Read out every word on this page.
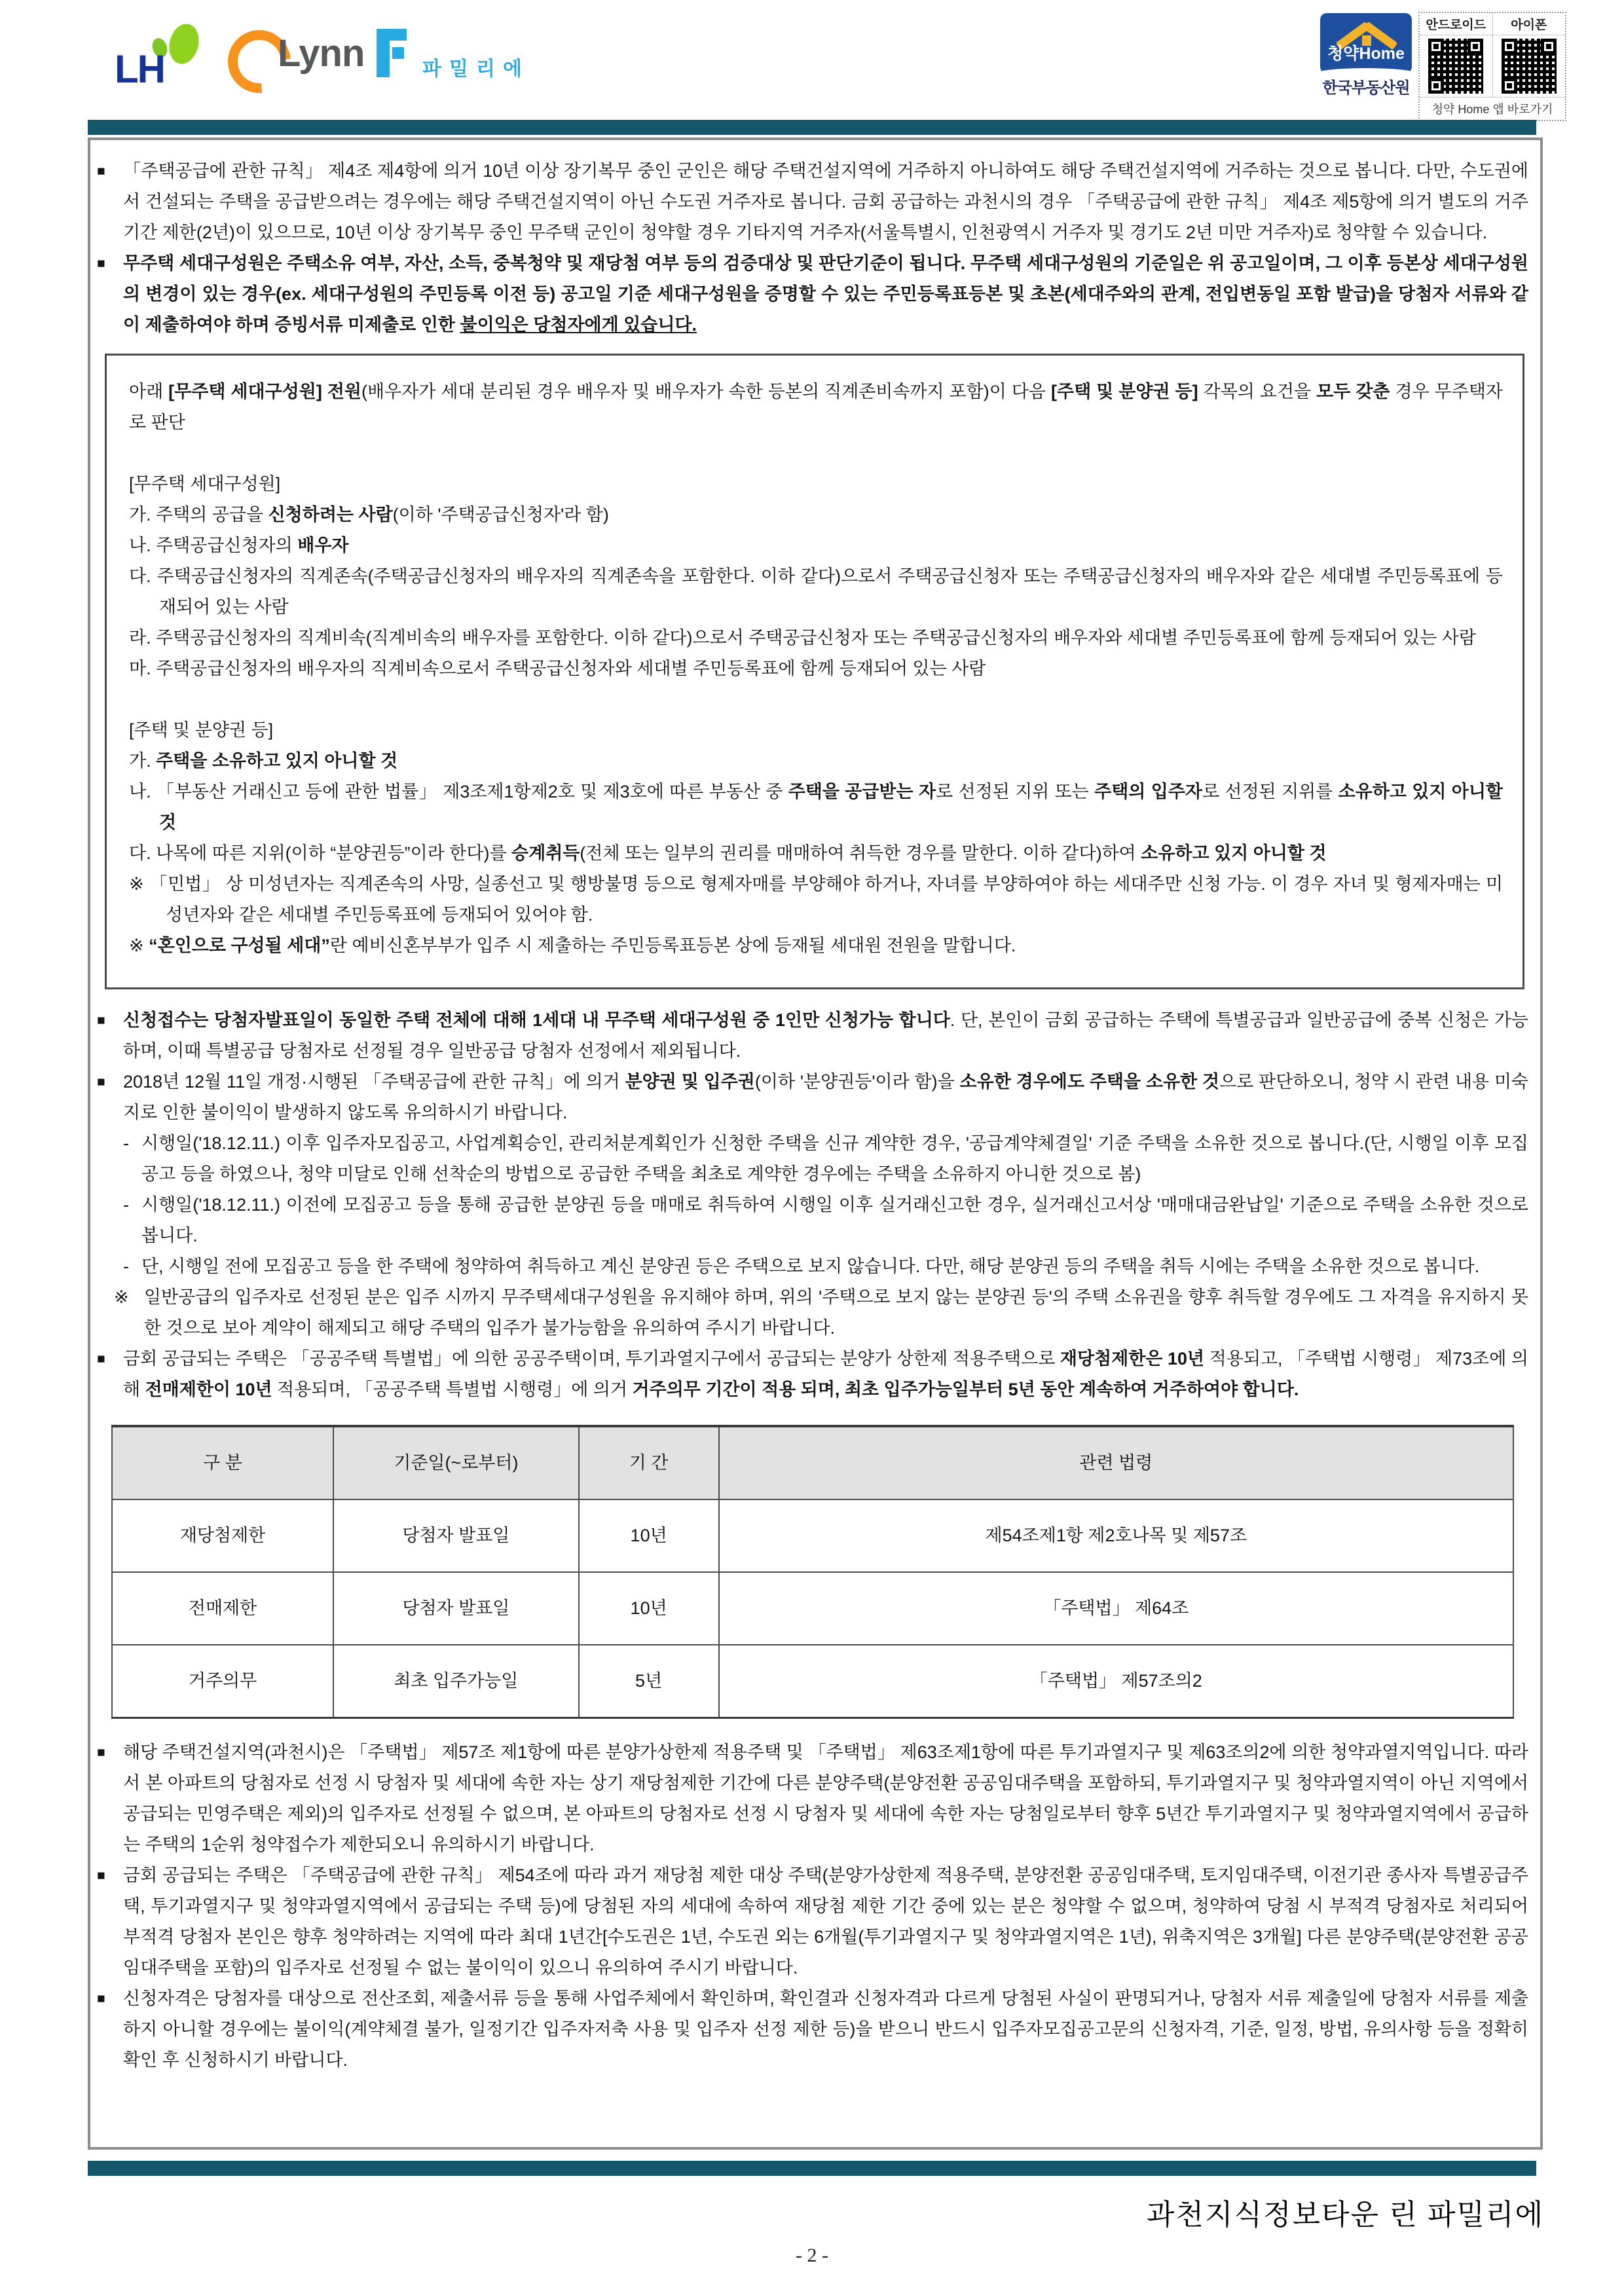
LH	Lynn	파밀리에
청약Home
한국부동산원
안드로이드	아이폰
청약 Home 앱 바로가기
■	「주택공급에 관한 규칙」 제4조 제4항에 의거 10년 이상 장기복무 중인 군인은 해당 주택건설지역에 거주하지 아니하여도 해당 주택건설지역에 거주하는 것으로 봅니다. 다만, 수도권에서 건설되는 주택을 공급받으려는 경우에는 해당 주택건설지역이 아닌 수도권 거주자로 봅니다. 금회 공급하는 과천시의 경우 「주택공급에 관한 규칙」 제4조 제5항에 의거 별도의 거주기간 제한(2년)이 있으므로, 10년 이상 장기복무 중인 무주택 군인이 청약할 경우 기타지역 거주자(서울특별시, 인천광역시 거주자 및 경기도 2년 미만 거주자)로 청약할 수 있습니다.
■	무주택 세대구성원은 주택소유 여부, 자산, 소득, 중복청약 및 재당첨 여부 등의 검증대상 및 판단기준이 됩니다. 무주택 세대구성원의 기준일은 위 공고일이며, 그 이후 등본상 세대구성원의 변경이 있는 경우(ex. 세대구성원의 주민등록 이전 등) 공고일 기준 세대구성원을 증명할 수 있는 주민등록표등본 및 초본(세대주와의 관계, 전입변동일 포함 발급)을 당첨자 서류와 같이 제출하여야 하며 증빙서류 미제출로 인한 불이익은 당첨자에게 있습니다.
아래 [무주택 세대구성원] 전원(배우자가 세대 분리된 경우 배우자 및 배우자가 속한 등본의 직계존비속까지 포함)이 다음 [주택 및 분양권 등] 각목의 요건을 모두 갖춘 경우 무주택자로 판단
[무주택 세대구성원]
가. 주택의 공급을 신청하려는 사람(이하 '주택공급신청자'라 함)
나. 주택공급신청자의 배우자
다. 주택공급신청자의 직계존속(주택공급신청자의 배우자의 직계존속을 포함한다. 이하 같다)으로서 주택공급신청자 또는 주택공급신청자의 배우자와 같은 세대별 주민등록표에 등재되어 있는 사람
라. 주택공급신청자의 직계비속(직계비속의 배우자를 포함한다. 이하 같다)으로서 주택공급신청자 또는 주택공급신청자의 배우자와 세대별 주민등록표에 함께 등재되어 있는 사람
마. 주택공급신청자의 배우자의 직계비속으로서 주택공급신청자와 세대별 주민등록표에 함께 등재되어 있는 사람
[주택 및 분양권 등]
가. 주택을 소유하고 있지 아니할 것
나. 「부동산 거래신고 등에 관한 법률」 제3조제1항제2호 및 제3호에 따른 부동산 중 주택을 공급받는 자로 선정된 지위 또는 주택의 입주자로 선정된 지위를 소유하고 있지 아니할 것
다. 나목에 따른 지위(이하 “분양권등”이라 한다)를 승계취득(전체 또는 일부의 권리를 매매하여 취득한 경우를 말한다. 이하 같다)하여 소유하고 있지 아니할 것
※ 「민법」 상 미성년자는 직계존속의 사망, 실종선고 및 행방불명 등으로 형제자매를 부양해야 하거나, 자녀를 부양하여야 하는 세대주만 신청 가능. 이 경우 자녀 및 형제자매는 미성년자와 같은 세대별 주민등록표에 등재되어 있어야 함.
※ “혼인으로 구성될 세대”란 예비신혼부부가 입주 시 제출하는 주민등록표등본 상에 등재될 세대원 전원을 말합니다.
■	신청접수는 당첨자발표일이 동일한 주택 전체에 대해 1세대 내 무주택 세대구성원 중 1인만 신청가능 합니다. 단, 본인이 금회 공급하는 주택에 특별공급과 일반공급에 중복 신청은 가능하며, 이때 특별공급 당첨자로 선정될 경우 일반공급 당첨자 선정에서 제외됩니다.
■	2018년 12월 11일 개정·시행된 「주택공급에 관한 규칙」에 의거 분양권 및 입주권(이하 '분양권등'이라 함)을 소유한 경우에도 주택을 소유한 것으로 판단하오니, 청약 시 관련 내용 미숙지로 인한 불이익이 발생하지 않도록 유의하시기 바랍니다.
- 시행일('18.12.11.) 이후 입주자모집공고, 사업계획승인, 관리처분계획인가 신청한 주택을 신규 계약한 경우, '공급계약체결일' 기준 주택을 소유한 것으로 봅니다.(단, 시행일 이후 모집공고 등을 하였으나, 청약 미달로 인해 선착순의 방법으로 공급한 주택을 최초로 계약한 경우에는 주택을 소유하지 아니한 것으로 봄)
- 시행일('18.12.11.) 이전에 모집공고 등을 통해 공급한 분양권 등을 매매로 취득하여 시행일 이후 실거래신고한 경우, 실거래신고서상 '매매대금완납일' 기준으로 주택을 소유한 것으로 봅니다.
- 단, 시행일 전에 모집공고 등을 한 주택에 청약하여 취득하고 계신 분양권 등은 주택으로 보지 않습니다. 다만, 해당 분양권 등의 주택을 취득 시에는 주택을 소유한 것으로 봅니다.
※ 일반공급의 입주자로 선정된 분은 입주 시까지 무주택세대구성원을 유지해야 하며, 위의 '주택으로 보지 않는 분양권 등'의 주택 소유권을 향후 취득할 경우에도 그 자격을 유지하지 못한 것으로 보아 계약이 해제되고 해당 주택의 입주가 불가능함을 유의하여 주시기 바랍니다.
■	금회 공급되는 주택은 「공공주택 특별법」에 의한 공공주택이며, 투기과열지구에서 공급되는 분양가 상한제 적용주택으로 재당첨제한은 10년 적용되고, 「주택법 시행령」 제73조에 의해 전매제한이 10년 적용되며, 「공공주택 특별법 시행령」에 의거 거주의무 기간이 적용 되며, 최초 입주가능일부터 5년 동안 계속하여 거주하여야 합니다.
구 분	기준일(~로부터)	기 간	관련 법령
재당첨제한	당첨자 발표일	10년	제54조제1항 제2호나목 및 제57조
전매제한	당첨자 발표일	10년	「주택법」 제64조
거주의무	최초 입주가능일	5년	「주택법」 제57조의2
■	해당 주택건설지역(과천시)은 「주택법」 제57조 제1항에 따른 분양가상한제 적용주택 및 「주택법」 제63조제1항에 따른 투기과열지구 및 제63조의2에 의한 청약과열지역입니다. 따라서 본 아파트의 당첨자로 선정 시 당첨자 및 세대에 속한 자는 상기 재당첨제한 기간에 다른 분양주택(분양전환 공공임대주택을 포함하되, 투기과열지구 및 청약과열지역이 아닌 지역에서 공급되는 민영주택은 제외)의 입주자로 선정될 수 없으며, 본 아파트의 당첨자로 선정 시 당첨자 및 세대에 속한 자는 당첨일로부터 향후 5년간 투기과열지구 및 청약과열지역에서 공급하는 주택의 1순위 청약접수가 제한되오니 유의하시기 바랍니다.
■	금회 공급되는 주택은 「주택공급에 관한 규칙」 제54조에 따라 과거 재당첨 제한 대상 주택(분양가상한제 적용주택, 분양전환 공공임대주택, 토지임대주택, 이전기관 종사자 특별공급주택, 투기과열지구 및 청약과열지역에서 공급되는 주택 등)에 당첨된 자의 세대에 속하여 재당첨 제한 기간 중에 있는 분은 청약할 수 없으며, 청약하여 당첨 시 부적격 당첨자로 처리되어 부적격 당첨자 본인은 향후 청약하려는 지역에 따라 최대 1년간[수도권은 1년, 수도권 외는 6개월(투기과열지구 및 청약과열지역은 1년), 위축지역은 3개월] 다른 분양주택(분양전환 공공임대주택을 포함)의 입주자로 선정될 수 없는 불이익이 있으니 유의하여 주시기 바랍니다.
■	신청자격은 당첨자를 대상으로 전산조회, 제출서류 등을 통해 사업주체에서 확인하며, 확인결과 신청자격과 다르게 당첨된 사실이 판명되거나, 당첨자 서류 제출일에 당첨자 서류를 제출하지 아니할 경우에는 불이익(계약체결 불가, 일정기간 입주자저축 사용 및 입주자 선정 제한 등)을 받으니 반드시 입주자모집공고문의 신청자격, 기준, 일정, 방법, 유의사항 등을 정확히 확인 후 신청하시기 바랍니다.
과천지식정보타운 린 파밀리에
- 2 -
